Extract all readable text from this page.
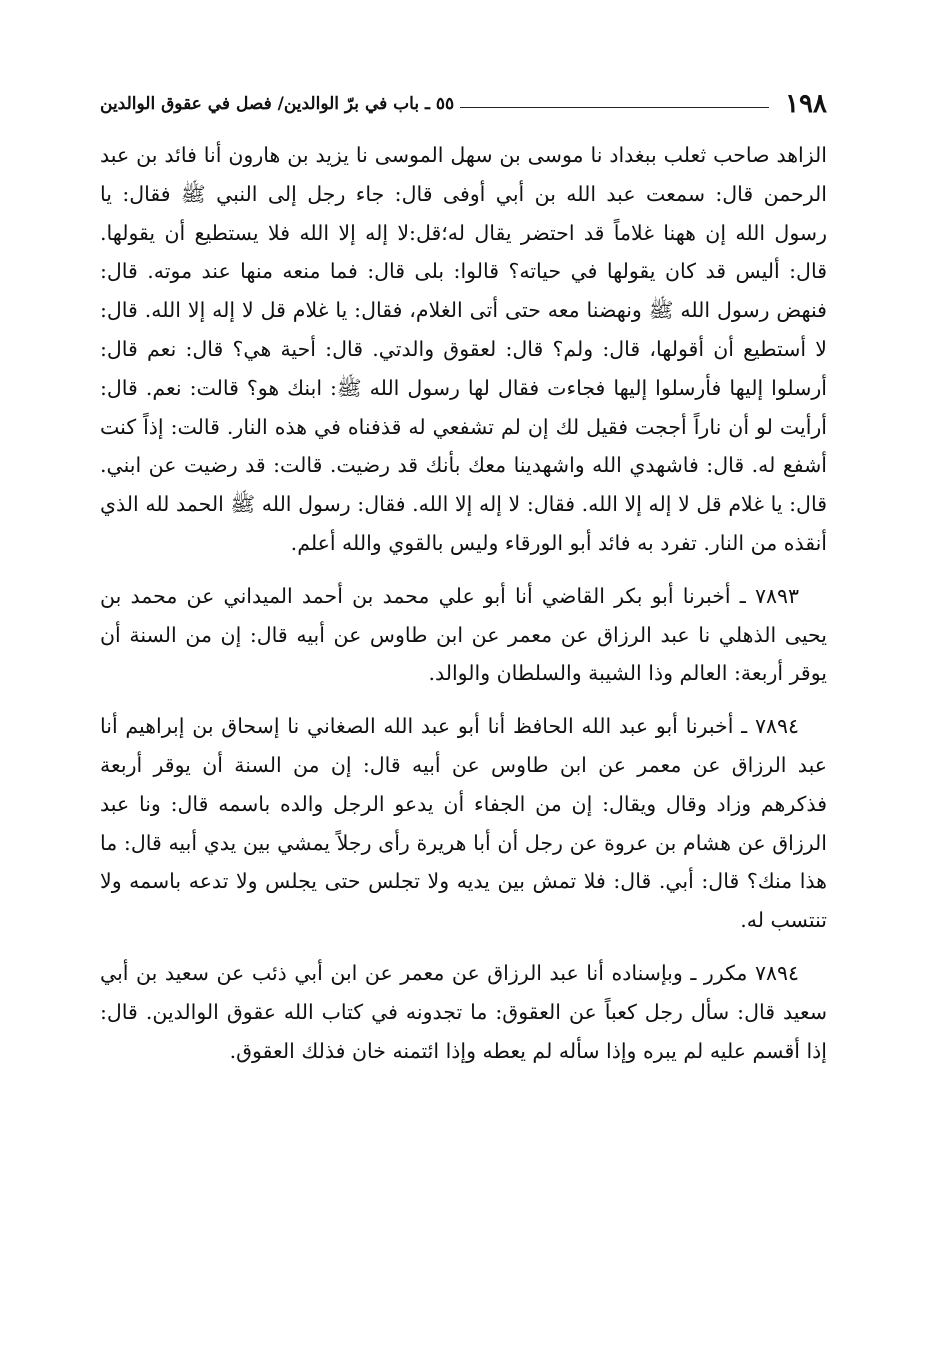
١٩٨
٥٥ ـ باب في برّ الوالدين/ فصل في عقوق الوالدين

الزاهد صاحب ثعلب ببغداد نا موسى بن سهل الموسى نا يزيد بن هارون أنا فائد بن عبد الرحمن قال: سمعت عبد الله بن أبي أوفى قال: جاء رجل إلى النبي ﷺ فقال: يا رسول الله إن ههنا غلاماً قد احتضر يقال له؛قل:لا إله إلا الله فلا يستطيع أن يقولها. قال: أليس قد كان يقولها في حياته؟ قالوا: بلى قال: فما منعه منها عند موته. قال: فنهض رسول الله ﷺ ونهضنا معه حتى أتى الغلام، فقال: يا غلام قل لا إله إلا الله. قال: لا أستطيع أن أقولها، قال: ولم؟ قال: لعقوق والدتي. قال: أحية هي؟ قال: نعم قال: أرسلوا إليها فأرسلوا إليها فجاءت فقال لها رسول الله ﷺ: ابنك هو؟ قالت: نعم. قال: أرأيت لو أن ناراً أججت فقيل لك إن لم تشفعي له قذفناه في هذه النار. قالت: إذاً كنت أشفع له. قال: فاشهدي الله واشهدينا معك بأنك قد رضيت. قالت: قد رضيت عن ابني. قال: يا غلام قل لا إله إلا الله. فقال: لا إله إلا الله. فقال: رسول الله ﷺ الحمد لله الذي أنقذه من النار. تفرد به فائد أبو الورقاء وليس بالقوي والله أعلم.

٧٨٩٣ ـ أخبرنا أبو بكر القاضي أنا أبو علي محمد بن أحمد الميداني عن محمد بن يحيى الذهلي نا عبد الرزاق عن معمر عن ابن طاوس عن أبيه قال: إن من السنة أن يوقر أربعة: العالم وذا الشيبة والسلطان والوالد.

٧٨٩٤ ـ أخبرنا أبو عبد الله الحافظ أنا أبو عبد الله الصغاني نا إسحاق بن إبراهيم أنا عبد الرزاق عن معمر عن ابن طاوس عن أبيه قال: إن من السنة أن يوقر أربعة فذكرهم وزاد وقال ويقال: إن من الجفاء أن يدعو الرجل والده باسمه قال: ونا عبد الرزاق عن هشام بن عروة عن رجل أن أبا هريرة رأى رجلاً يمشي بين يدي أبيه قال: ما هذا منك؟ قال: أبي. قال: فلا تمش بين يديه ولا تجلس حتى يجلس ولا تدعه باسمه ولا تنتسب له.

٧٨٩٤ مكرر ـ وبإسناده أنا عبد الرزاق عن معمر عن ابن أبي ذئب عن سعيد بن أبي سعيد قال: سأل رجل كعباً عن العقوق: ما تجدونه في كتاب الله عقوق الوالدين. قال: إذا أقسم عليه لم يبره وإذا سأله لم يعطه وإذا ائتمنه خان فذلك العقوق.
